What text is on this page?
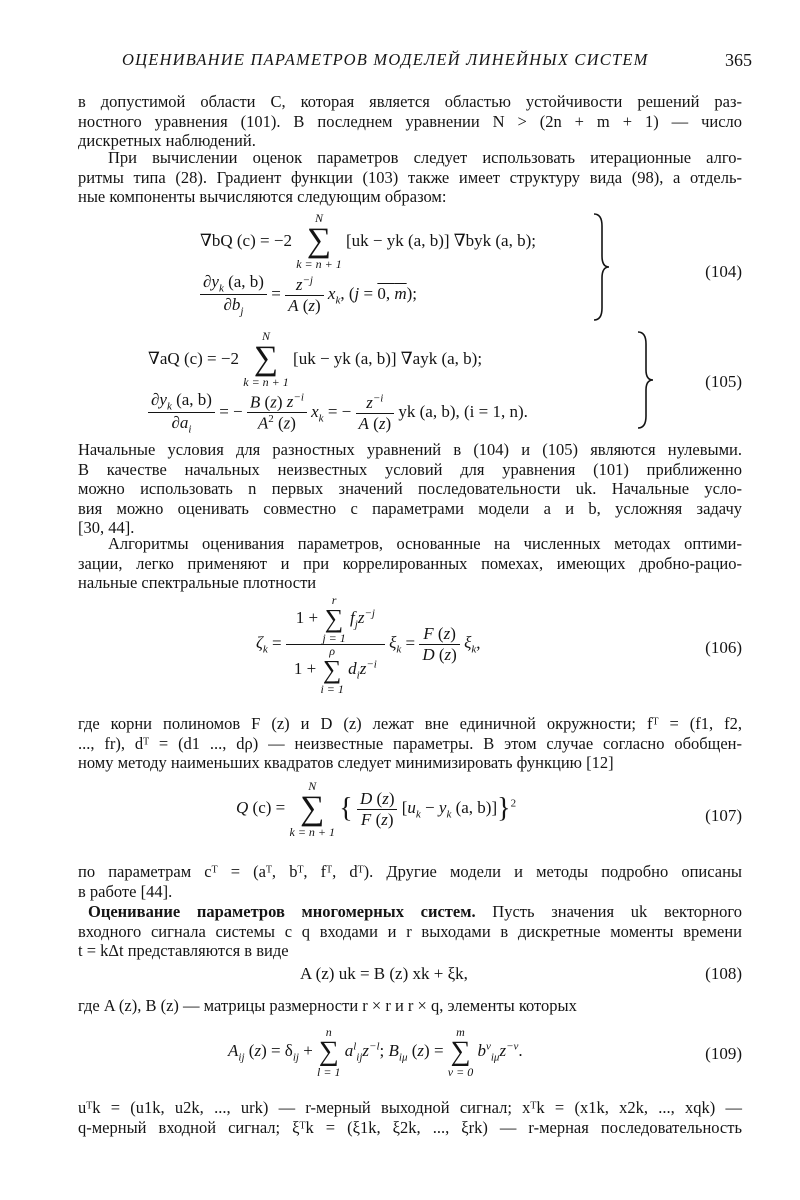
ОЦЕНИВАНИЕ ПАРАМЕТРОВ МОДЕЛЕЙ ЛИНЕЙНЫХ СИСТЕМ	365
в допустимой области C, которая является областью устойчивости решений раз-
ностного уравнения (101). В последнем уравнении N > (2n + m + 1) — число
дискретных наблюдений.
При вычислении оценок параметров следует использовать итерационные алго-
ритмы типа (28). Градиент функции (103) также имеет структуру вида (98), а отдель-
ные компоненты вычисляются следующим образом:
∇bQ (c) = −2
N
∑
k = n + 1
[uk − yk (a, b)] ∇byk (a, b);
$\frac{\partial y_k (a, b)}{\partial b_j} = \frac{z^{-j}}{A (z)} x_k$, (j = 0, m);
(104)
∇aQ (c) = −2
N
∑
k = n + 1
[uk − yk (a, b)] ∇ayk (a, b);
$\frac{\partial y_k (a, b)}{\partial a_i}$ = − $\frac{B (z) z^{-i}}{A^2 (z)} x_k$ = − $\frac{z^{-i}}{A (z)}$ yk (a, b), (i = 1, n).
(105)
Начальные условия для разностных уравнений в (104) и (105) являются нулевыми.
В качестве начальных неизвестных условий для уравнения (101) приближенно
можно использовать n первых значений последовательности uk. Начальные усло-
вия можно оценивать совместно с параметрами модели a и b, усложняя задачу
[30, 44].
Алгоритмы оценивания параметров, основанные на численных методах оптими-
зации, легко применяют и при коррелированных помехах, имеющих дробно-рацио-
нальные спектральные плотности
$\zeta_k = 1$ +
r
∑
j = 1
$f_jz^{-j}$
1 +
ρ
∑
i = 1
$d_iz^{-i}$ $\xi_k = \frac{F (z)}{D (z)} \xi_k$,	(106)
где корни полиномов F (z) и D (z) лежат вне единичной окружности; fᵀ = (f1, f2,
..., fr), dᵀ = (d1 ..., dρ) — неизвестные параметры. В этом случае согласно обобщен-
ному методу наименьших квадратов следует минимизировать функцию [12]
Q (c) =
N
∑
k = n + 1
{ $\frac{D (z)}{F (z)} [u_k - y_k$ (a, b)]}$^2$
(107)
по параметрам cᵀ = (aᵀ, bᵀ, fᵀ, dᵀ). Другие модели и методы подробно описаны
в работе [44].
Оценивание параметров многомерных систем. Пусть значения uk векторного
входного сигнала системы с q входами и r выходами в дискретные моменты времени
t = kΔt представляются в виде
A (z) uk = B (z) xk + ξk,	(108)
где A (z), B (z) — матрицы размерности r × r и r × q, элементы которых
$A_{ij}$ $(z) = \delta_{ij}$ +
n
∑
l = 1
$a^l_{ij}z^{-l}$; $B_{i\mu}$ (z) =
m
∑
ν = 0
$b^\nu_{i\mu}z^{-\nu}$.	(109)
uᵀk = (u1k, u2k, ..., urk) — r-мерный выходной сигнал; xᵀk = (x1k, x2k, ..., xqk) —
q-мерный входной сигнал; ξᵀk = (ξ1k, ξ2k, ..., ξrk) — r-мерная последовательность
